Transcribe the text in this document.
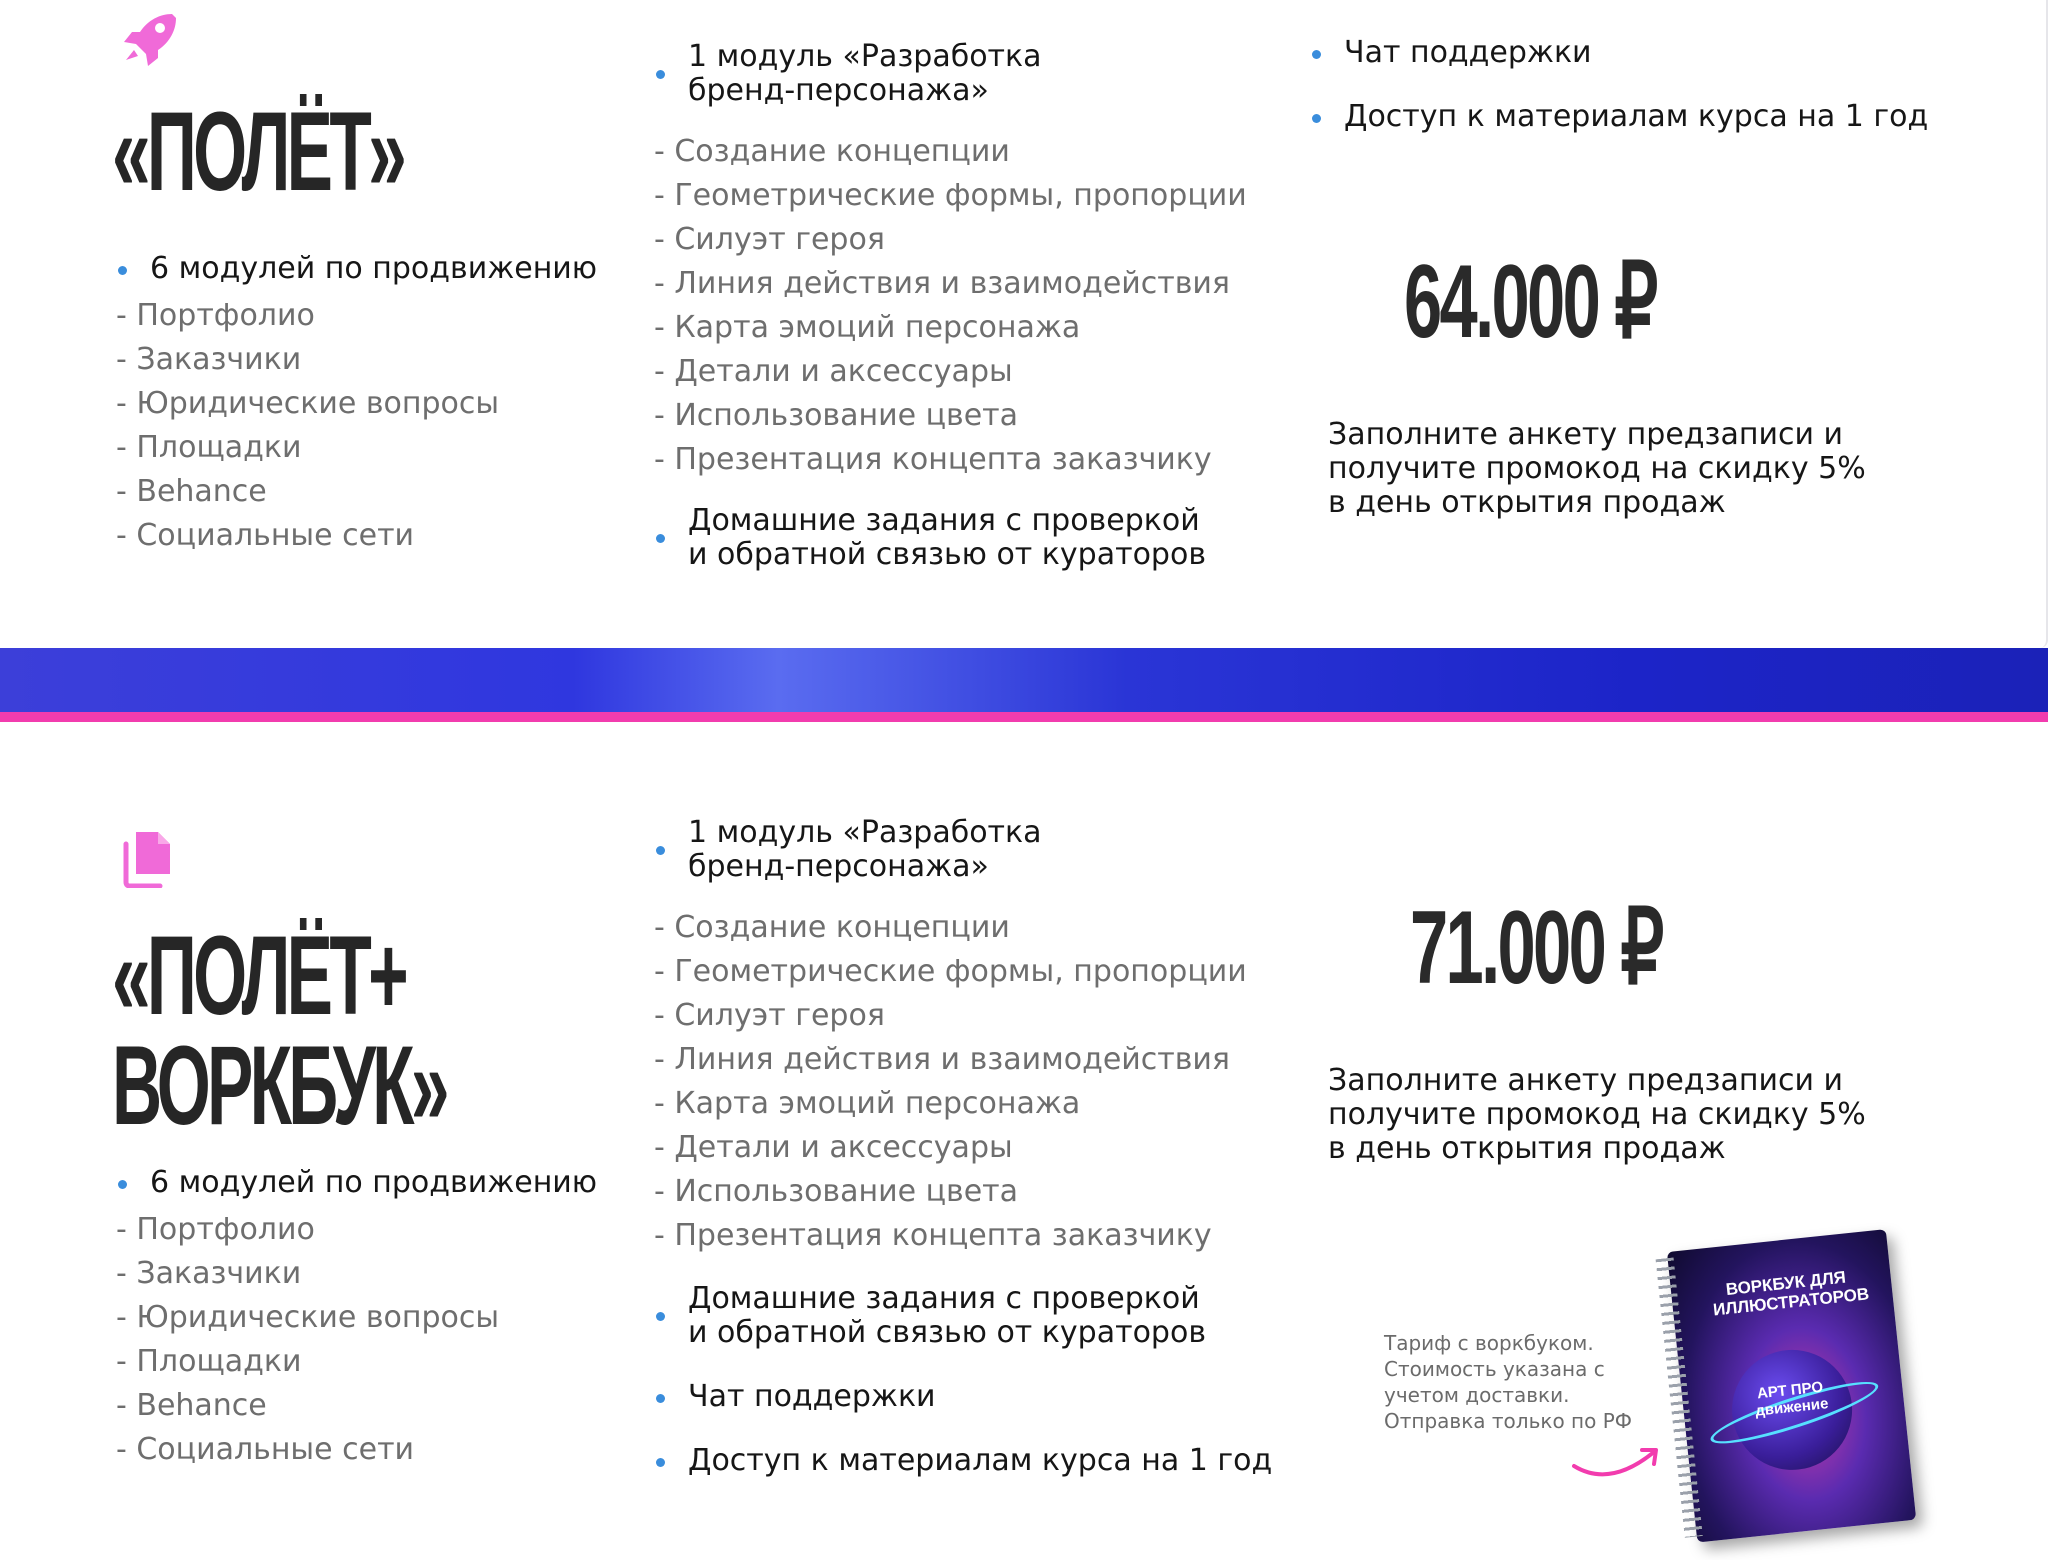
«ПОЛЁТ»
6 модулей по продвижению
- Портфолио
- Заказчики
- Юридические вопросы
- Площадки
- Behance
- Социальные сети
1 модуль «Разработка бренд-персонажа»
- Создание концепции
- Геометрические формы, пропорции
- Силуэт героя
- Линия действия и взаимодействия
- Карта эмоций персонажа
- Детали и аксессуары
- Использование цвета
- Презентация концепта заказчику
Домашние задания с проверкой и обратной связью от кураторов
Чат поддержки
Доступ к материалам курса на 1 год
64.000 ₽
Заполните анкету предзаписи и получите промокод на скидку 5% в день открытия продаж
«ПОЛЁТ+
ВОРКБУК»
6 модулей по продвижению
- Портфолио
- Заказчики
- Юридические вопросы
- Площадки
- Behance
- Социальные сети
1 модуль «Разработка бренд-персонажа»
- Создание концепции
- Геометрические формы, пропорции
- Силуэт героя
- Линия действия и взаимодействия
- Карта эмоций персонажа
- Детали и аксессуары
- Использование цвета
- Презентация концепта заказчику
Домашние задания с проверкой и обратной связью от кураторов
Чат поддержки
Доступ к материалам курса на 1 год
71.000 ₽
Заполните анкету предзаписи и получите промокод на скидку 5% в день открытия продаж
Тариф с воркбуком. Стоимость указана с учетом доставки. Отправка только по РФ
ВОРКБУК ДЛЯ ИЛЛЮСТРАТОРОВ
АРТ ПРО движение
